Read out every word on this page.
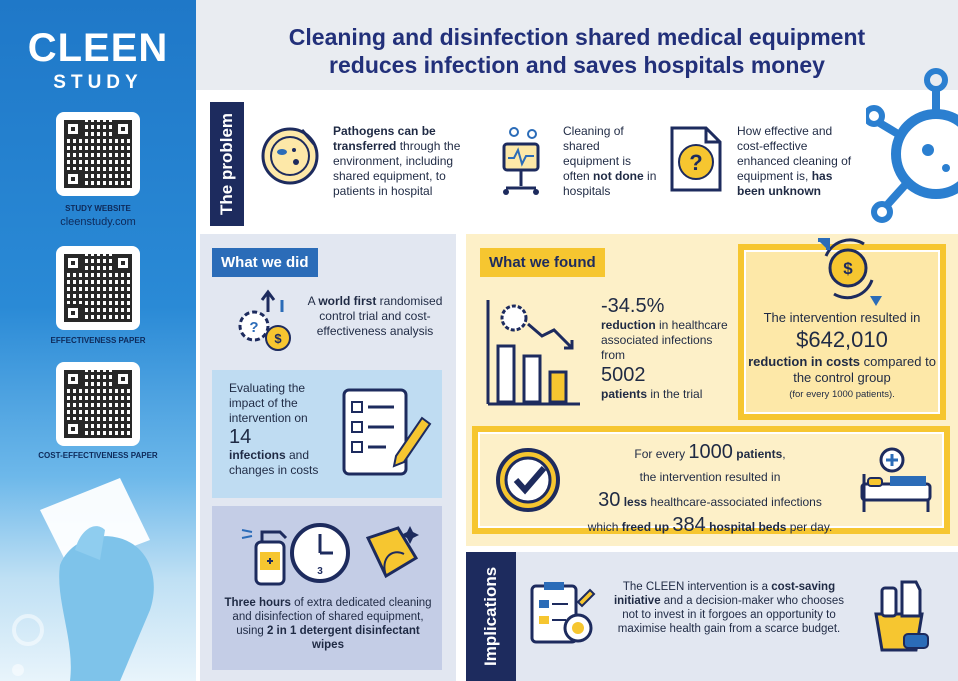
CLEEN
STUDY
STUDY WEBSITE
cleenstudy.com
EFFECTIVENESS PAPER
COST-EFFECTIVENESS PAPER
Cleaning and disinfection shared medical equipment
reduces infection and saves hospitals money
The problem	Pathogens can be transferred through the environment, including shared equipment, to patients in hospital
Cleaning of shared equipment is often not done in hospitals
?
How effective and cost-effective enhanced cleaning of equipment is, has been unknown
What we did
?
$
A world first randomised control trial and cost-effectiveness analysis
Evaluating the impact of the intervention on
14
infections and changes in costs
3
Three hours of extra dedicated cleaning and disinfection of shared equipment, using 2 in 1 detergent disinfectant wipes
What we found
-34.5%
reduction in healthcare associated infections from
5002
patients in the trial
$
The intervention resulted in
$642,010
reduction in costs compared to the control group
(for every 1000 patients).
For every 1000 patients,
the intervention resulted in
30 less healthcare-associated infections
which freed up 384 hospital beds per day.
Implications	The CLEEN intervention is a cost-saving initiative and a decision-maker who chooses not to invest in it forgoes an opportunity to maximise health gain from a scarce budget.
